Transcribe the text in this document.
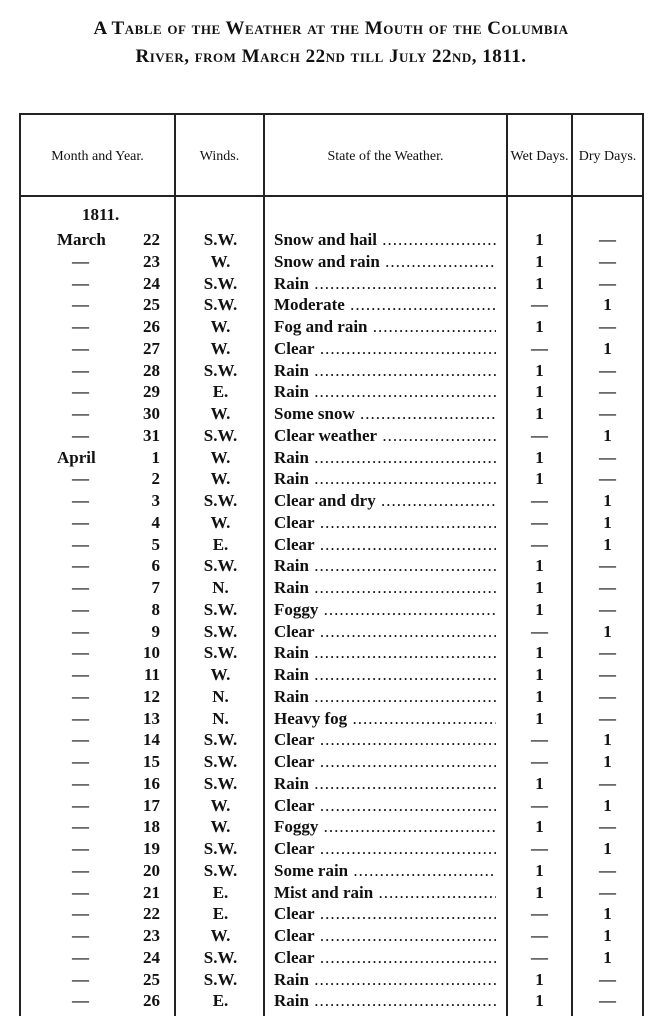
A Table of the Weather at the Mouth of the Columbia
River, from March 22nd till July 22nd, 1811.
Month and Year.	Winds.	State of the Weather.	Wet Days. Dry Days.
1811.
March	22	S.W.	Snow and hail .....	1	—
—	23	W.	Snow and rain .....	1	—
—	24	S.W.	Rain .....	1	—
—	25	S.W.	Moderate .....	—	1
—	26	W.	Fog and rain .....	1	—
—	27	W.	Clear .....	—	1
—	28	S.W.	Rain .....	1	—
—	29	E.	Rain .....	1	—
—	30	W.	Some snow .....	1	—
—	31	S.W.	Clear weather .....	—	1
April	1	W.	Rain .....	1	—
—	2	W.	Rain .....	1	—
—	3	S.W.	Clear and dry .....	—	1
—	4	W.	Clear .....	—	1
—	5	E.	Clear .....	—	1
—	6	S.W.	Rain .....	1	—
—	7	N.	Rain .....	1	—
—	8	S.W.	Foggy .....	1	—
—	9	S.W.	Clear .....	—	1
—	10	S.W.	Rain .....	1	—
—	11	W.	Rain .....	1	—
—	12	N.	Rain .....	1	—
—	13	N.	Heavy fog .....	1	—
—	14	S.W.	Clear .....	—	1
—	15	S.W.	Clear .....	—	1
—	16	S.W.	Rain .....	1	—
—	17	W.	Clear .....	—	1
—	18	W.	Foggy .....	1	—
—	19	S.W.	Clear .....	—	1
—	20	S.W.	Some rain .....	1	—
—	21	E.	Mist and rain .....	1	—
—	22	E.	Clear .....	—	1
—	23	W.	Clear .....	—	1
—	24	S.W.	Clear .....	—	1
—	25	S.W.	Rain .....	1	—
—	26	E.	Rain .....	1	—
